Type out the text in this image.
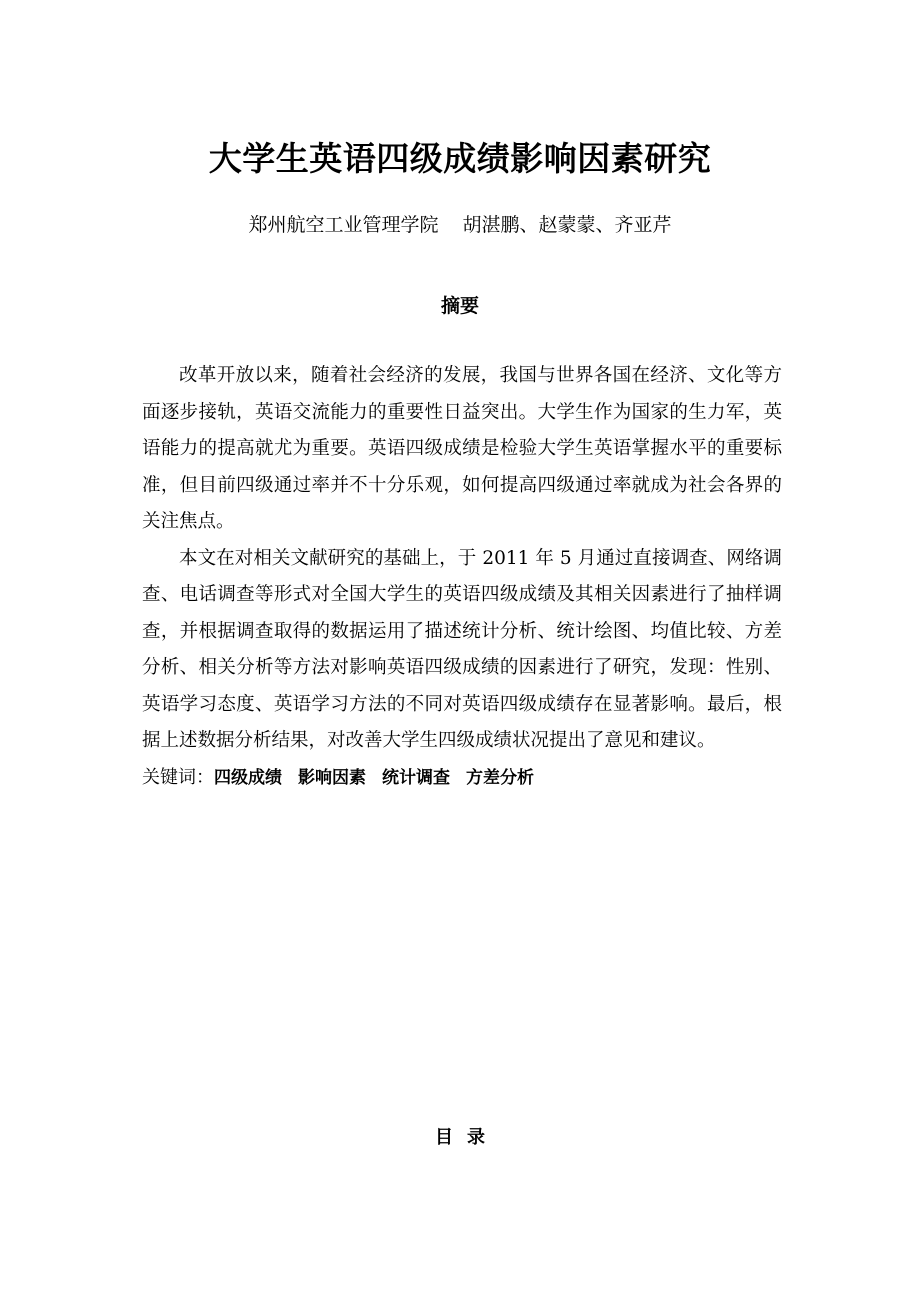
大学生英语四级成绩影响因素研究
郑州航空工业管理学院 胡湛鹏、赵蒙蒙、齐亚芹
摘要

改革开放以来，随着社会经济的发展，我国与世界各国在经济、文化等方面逐步接轨，英语交流能力的重要性日益突出。大学生作为国家的生力军，英语能力的提高就尤为重要。英语四级成绩是检验大学生英语掌握水平的重要标准，但目前四级通过率并不十分乐观，如何提高四级通过率就成为社会各界的关注焦点。

本文在对相关文献研究的基础上，于 2011 年 5 月通过直接调查、网络调查、电话调查等形式对全国大学生的英语四级成绩及其相关因素进行了抽样调查，并根据调查取得的数据运用了描述统计分析、统计绘图、均值比较、方差分析、相关分析等方法对影响英语四级成绩的因素进行了研究，发现：性别、英语学习态度、英语学习方法的不同对英语四级成绩存在显著影响。最后，根据上述数据分析结果，对改善大学生四级成绩状况提出了意见和建议。

关键词：四级成绩 影响因素 统计调查 方差分析

目录
